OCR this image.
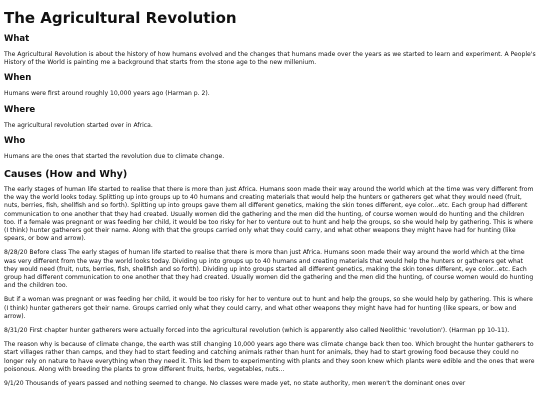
The Agricultural Revolution
What

The Agricultural Revolution is about the history of how humans evolved and the changes that humans made over the years as we started to learn and experiment. A People's History of the World is painting me a background that starts from the stone age to the new millenium.

When

Humans were first around roughly 10,000 years ago (Harman p. 2).

Where

The agricultural revolution started over in Africa.

Who

Humans are the ones that started the revolution due to climate change.

Causes (How and Why)

The early stages of human life started to realise that there is more than just Africa. Humans soon made their way around the world which at the time was very different from the way the world looks today. Splitting up into groups up to 40 humans and creating materials that would help the hunters or gatherers get what they would need (fruit, nuts, berries, fish, shellfish and so forth). Splitting up into groups gave them all different genetics, making the skin tones different, eye color...etc. Each group had different communication to one another that they had created. Usually women did the gathering and the men did the hunting, of course women would do hunting and the children too. If a female was pregnant or was feeding her child, it would be too risky for her to venture out to hunt and help the groups, so she would help by gathering. This is where (I think) hunter gatherers got their name. Along with that the groups carried only what they could carry, and what other weapons they might have had for hunting (like spears, or bow and arrow).

8/28/20 Before class The early stages of human life started to realise that there is more than just Africa. Humans soon made their way around the world which at the time was very different from the way the world looks today. Dividing up into groups up to 40 humans and creating materials that would help the hunters or gatherers get what they would need (fruit, nuts, berries, fish, shellfish and so forth). Dividing up into groups started all different genetics, making the skin tones different, eye color...etc. Each group had different communication to one another that they had created. Usually women did the gathering and the men did the hunting, of course women would do hunting and the children too.

But if a woman was pregnant or was feeding her child, it would be too risky for her to venture out to hunt and help the groups, so she would help by gathering. This is where (I think) hunter gatherers got their name. Groups carried only what they could carry, and what other weapons they might have had for hunting (like spears, or bow and arrow).

8/31/20 First chapter hunter gatherers were actually forced into the agricultural revolution (which is apparently also called Neolithic 'revolution'). (Harman pp 10-11).

The reason why is because of climate change, the earth was still changing 10,000 years ago there was climate change back then too. Which brought the hunter gatherers to start villages rather than camps, and they had to start feeding and catching animals rather than hunt for animals, they had to start growing food because they could no longer rely on nature to have everything when they need it. This led them to experimenting with plants and they soon knew which plants were edible and the ones that were poisonous. Along with breeding the plants to grow different fruits, herbs, vegetables, nuts...

9/1/20 Thousands of years passed and nothing seemed to change. No classes were made yet, no state authority, men weren't the dominant ones over
